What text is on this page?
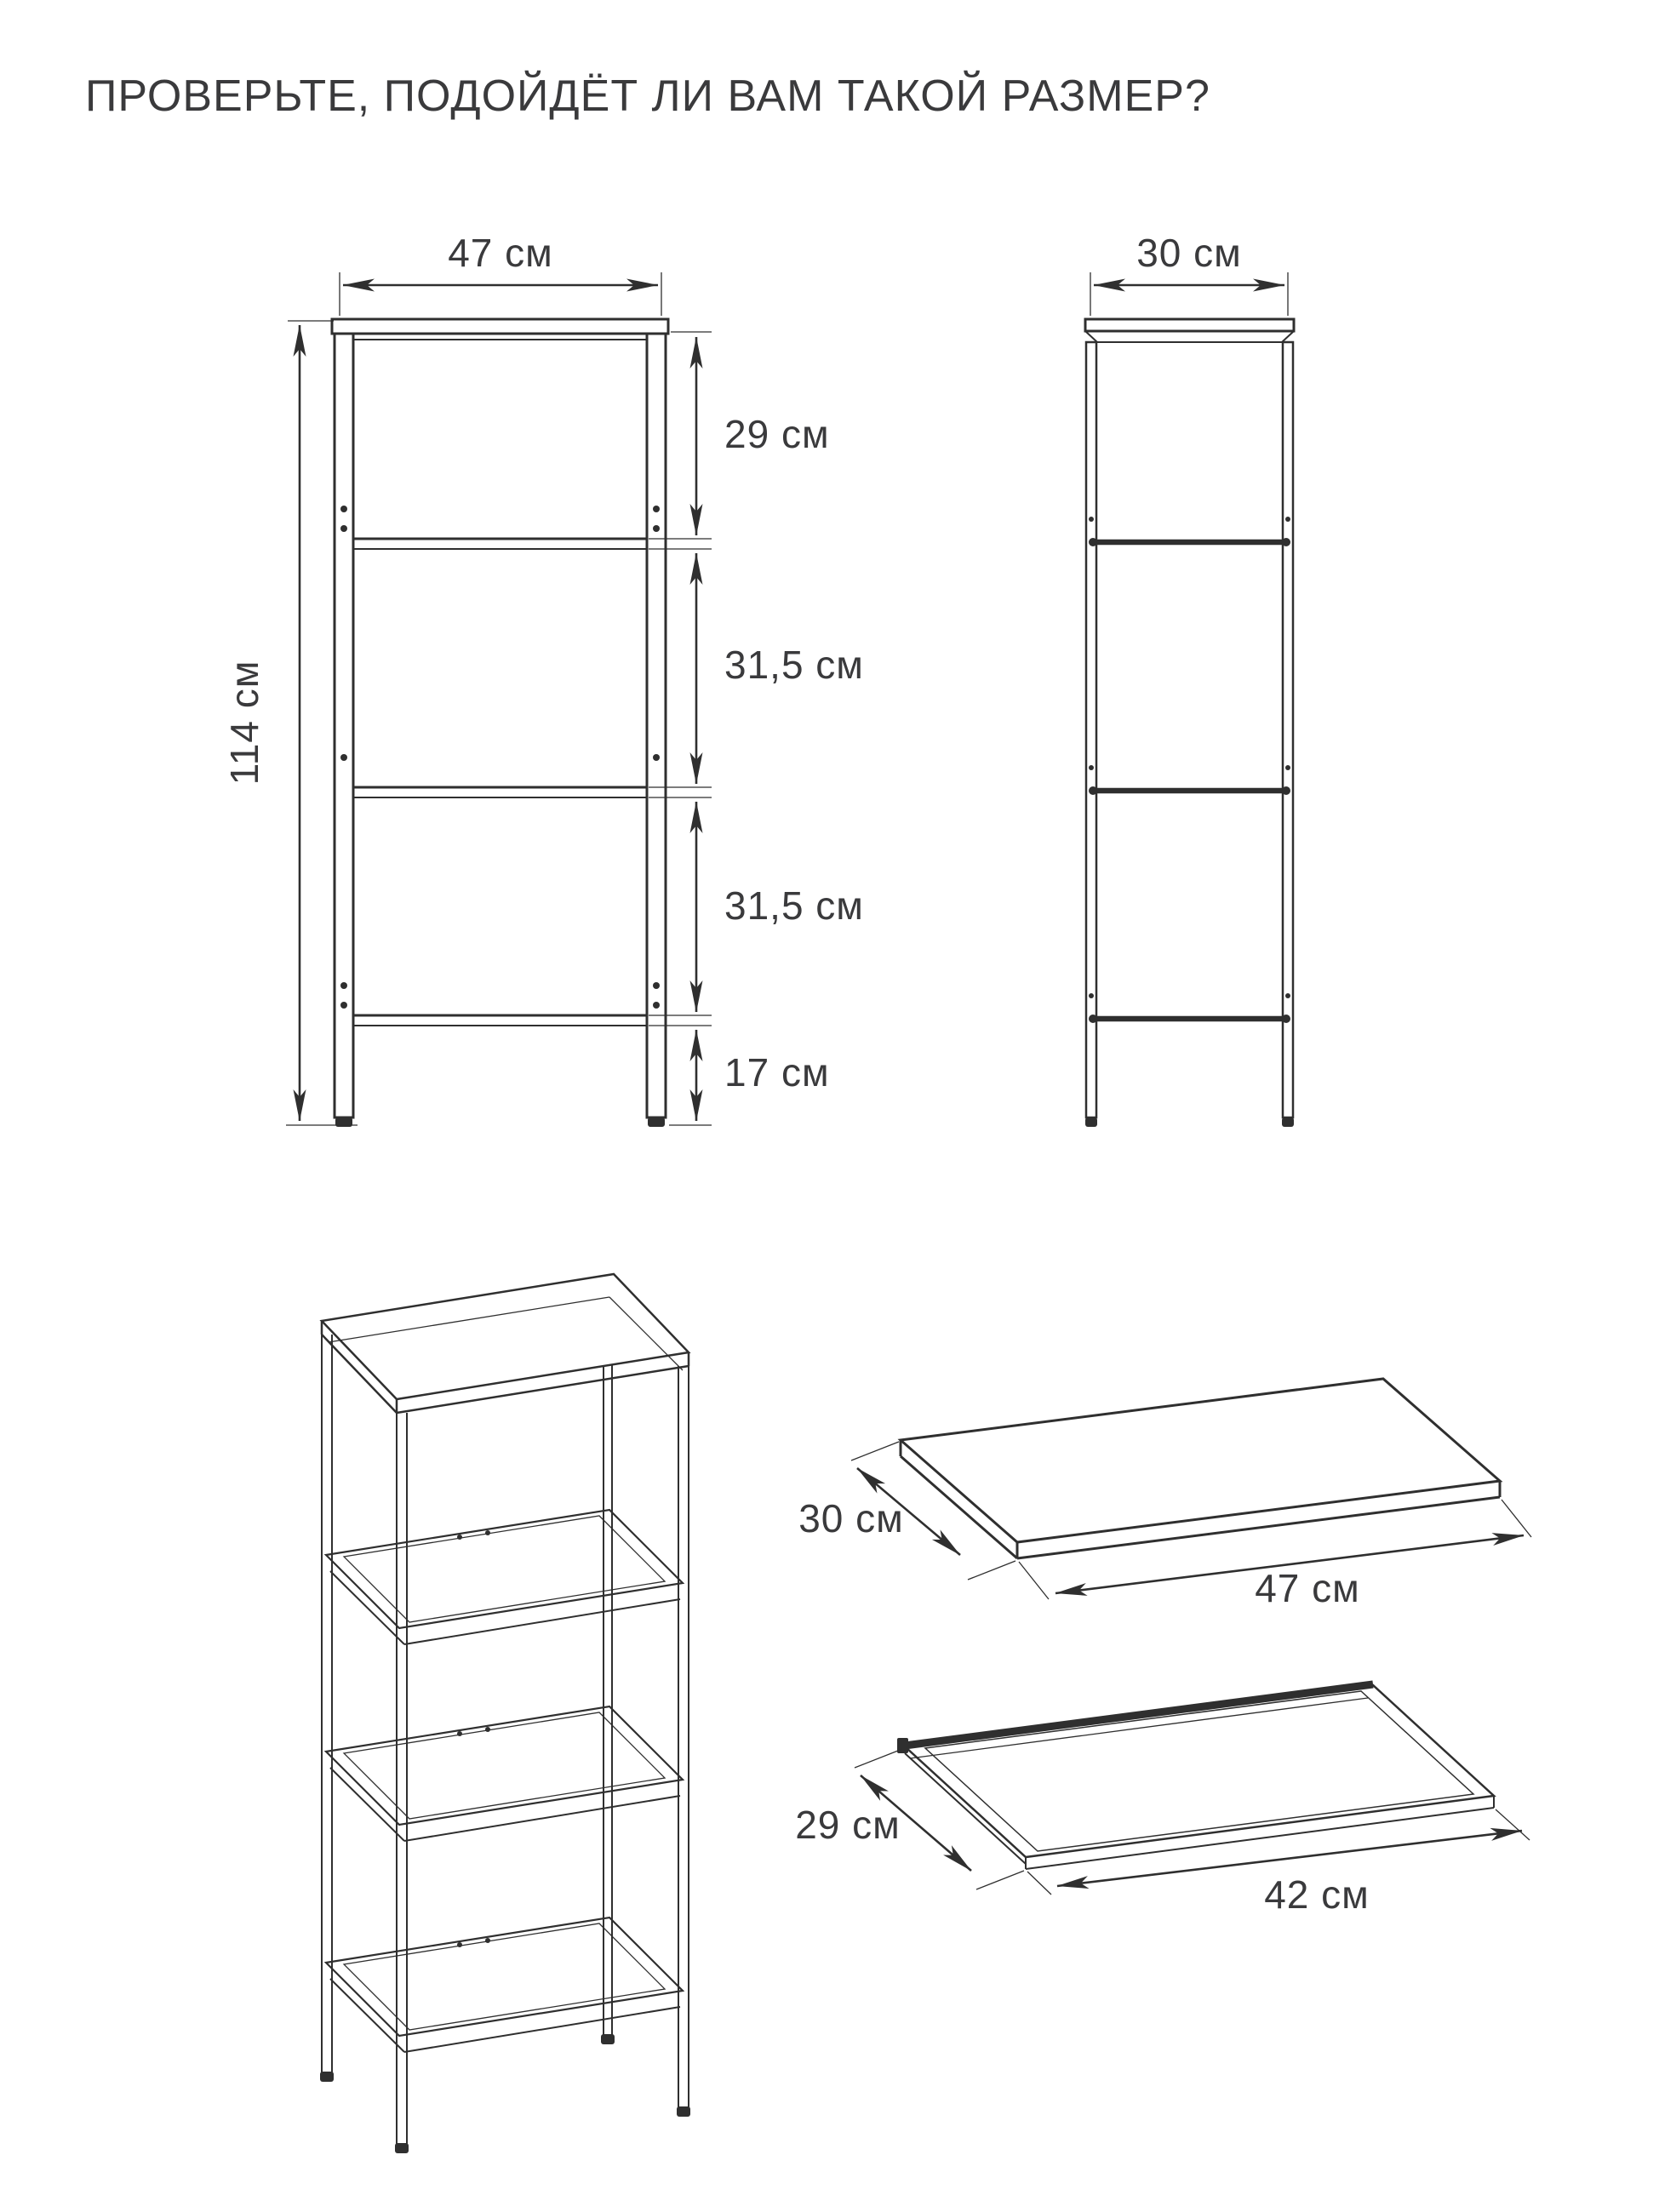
ПРОВЕРЬТЕ, ПОДОЙДЁТ ЛИ ВАМ ТАКОЙ РАЗМЕР?
47 см
114 см
29 см
31,5 см
31,5 см
17 см
30 см
30 см
47 см
29 см
42 см
